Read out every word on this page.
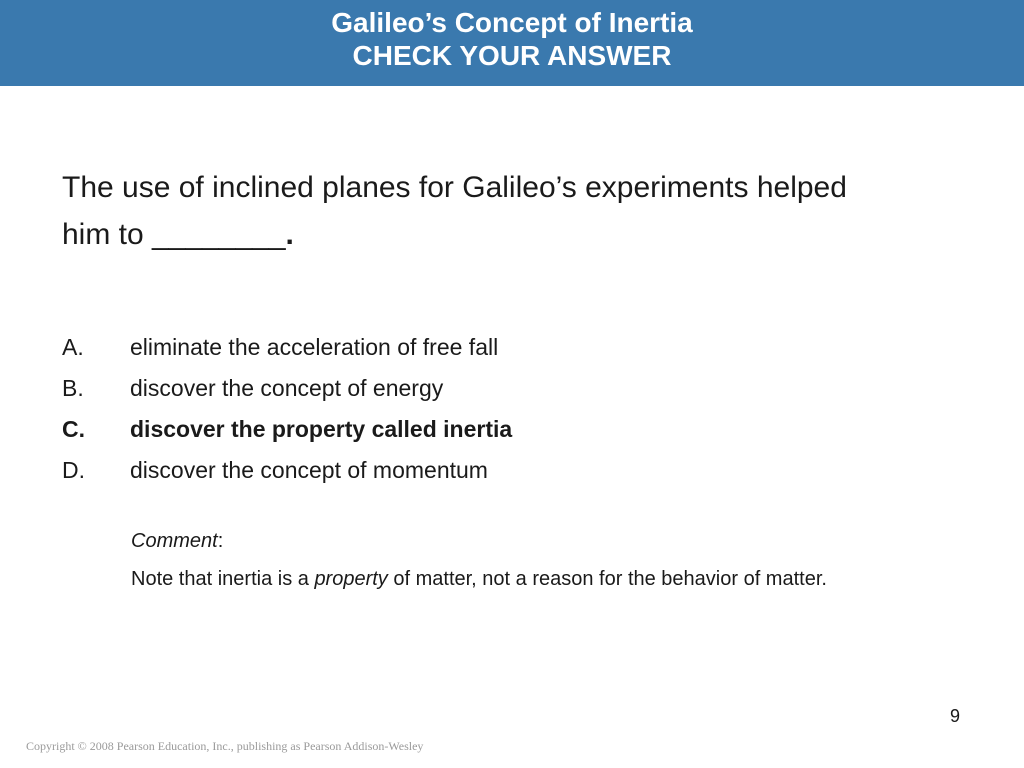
Galileo’s Concept of Inertia
CHECK YOUR ANSWER
The use of inclined planes for Galileo’s experiments helped
him to ________.
A. eliminate the acceleration of free fall
B. discover the concept of energy
C. discover the property called inertia
D. discover the concept of momentum
Comment:
Note that inertia is a property of matter, not a reason for the behavior of matter.
9
Copyright © 2008 Pearson Education, Inc., publishing as Pearson Addison-Wesley
